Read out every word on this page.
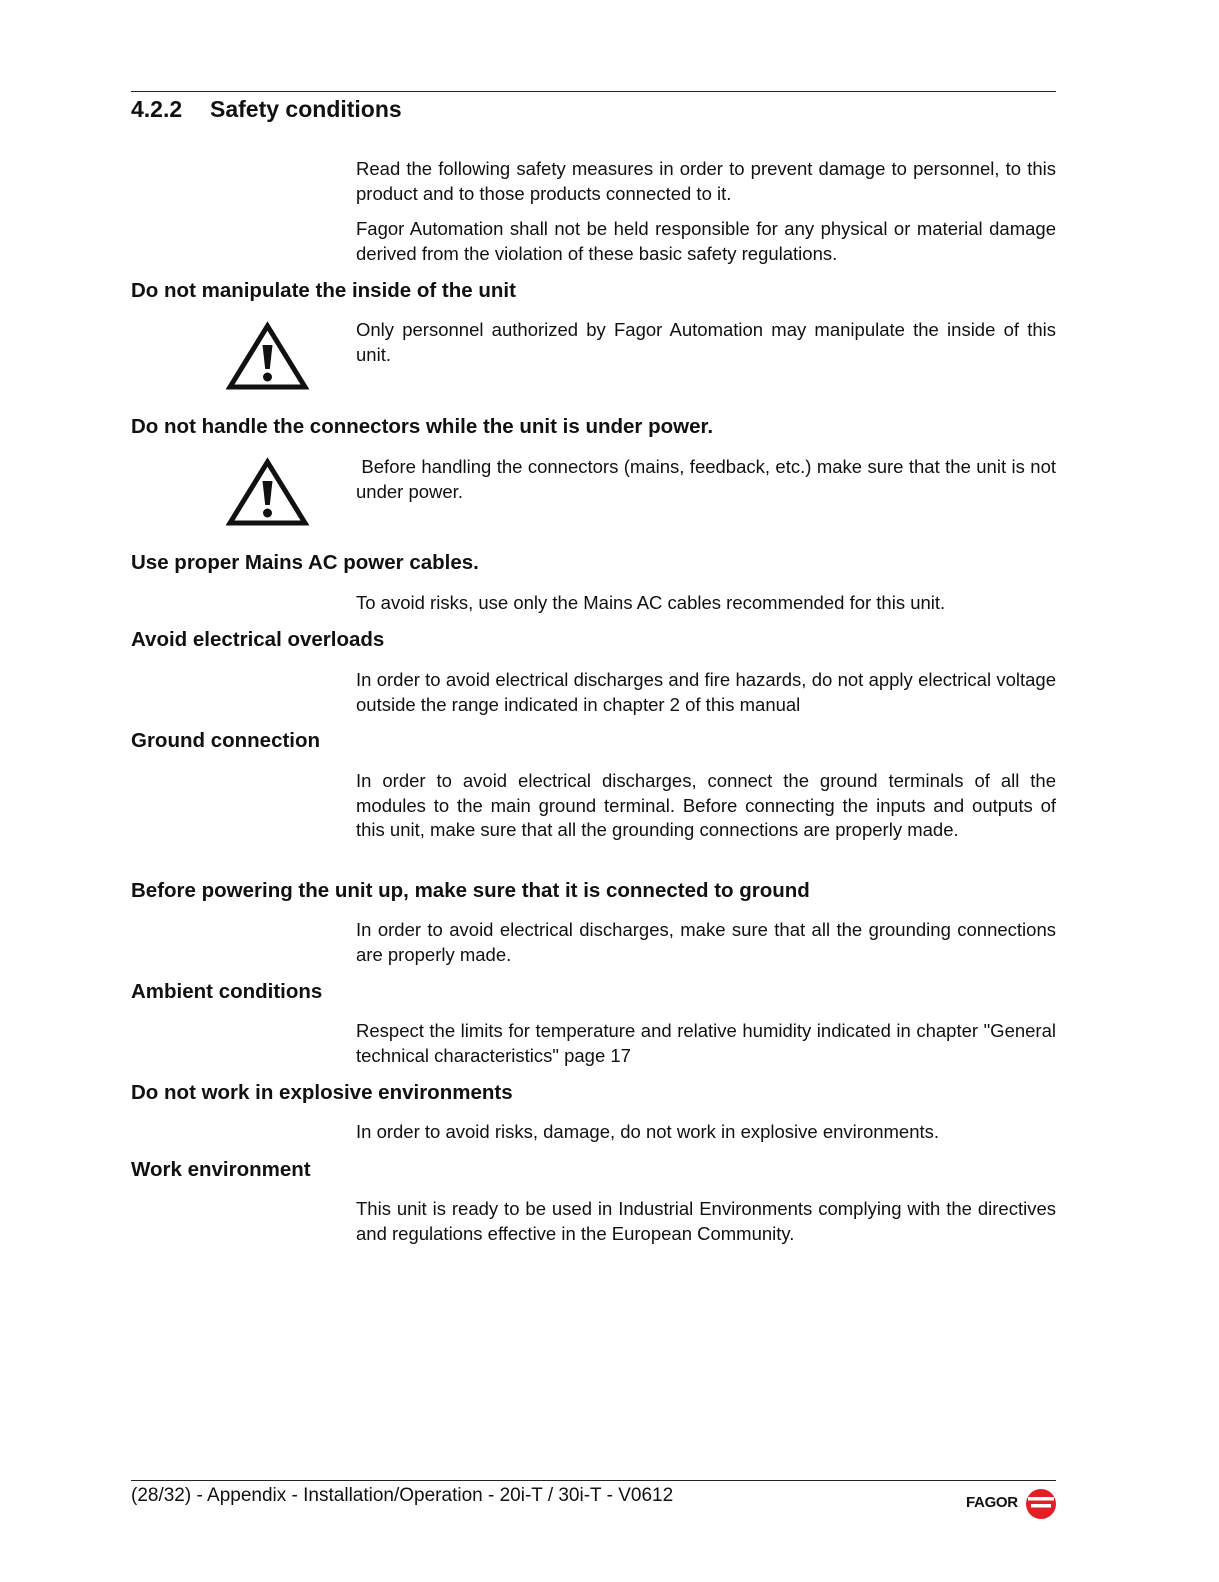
4.2.2 Safety conditions

Read the following safety measures in order to prevent damage to personnel, to this product and to those products connected to it.

Fagor Automation shall not be held responsible for any physical or material damage derived from the violation of these basic safety regulations.

Do not manipulate the inside of the unit

Only personnel authorized by Fagor Automation may manipulate the inside of this unit.

Do not handle the connectors while the unit is under power.

Before handling the connectors (mains, feedback, etc.) make sure that the unit is not under power.

Use proper Mains AC power cables.

To avoid risks, use only the Mains AC cables recommended for this unit.

Avoid electrical overloads

In order to avoid electrical discharges and fire hazards, do not apply electrical voltage outside the range indicated in chapter 2 of this manual

Ground connection

In order to avoid electrical discharges, connect the ground terminals of all the modules to the main ground terminal. Before connecting the inputs and outputs of this unit, make sure that all the grounding connections are properly made.

Before powering the unit up, make sure that it is connected to ground

In order to avoid electrical discharges, make sure that all the grounding connections are properly made.

Ambient conditions

Respect the limits for temperature and relative humidity indicated in chapter "General technical characteristics" page 17

Do not work in explosive environments

In order to avoid risks, damage, do not work in explosive environments.

Work environment

This unit is ready to be used in Industrial Environments complying with the directives and regulations effective in the European Community.

(28/32) - Appendix - Installation/Operation - 20i-T / 30i-T - V0612	FAGOR
